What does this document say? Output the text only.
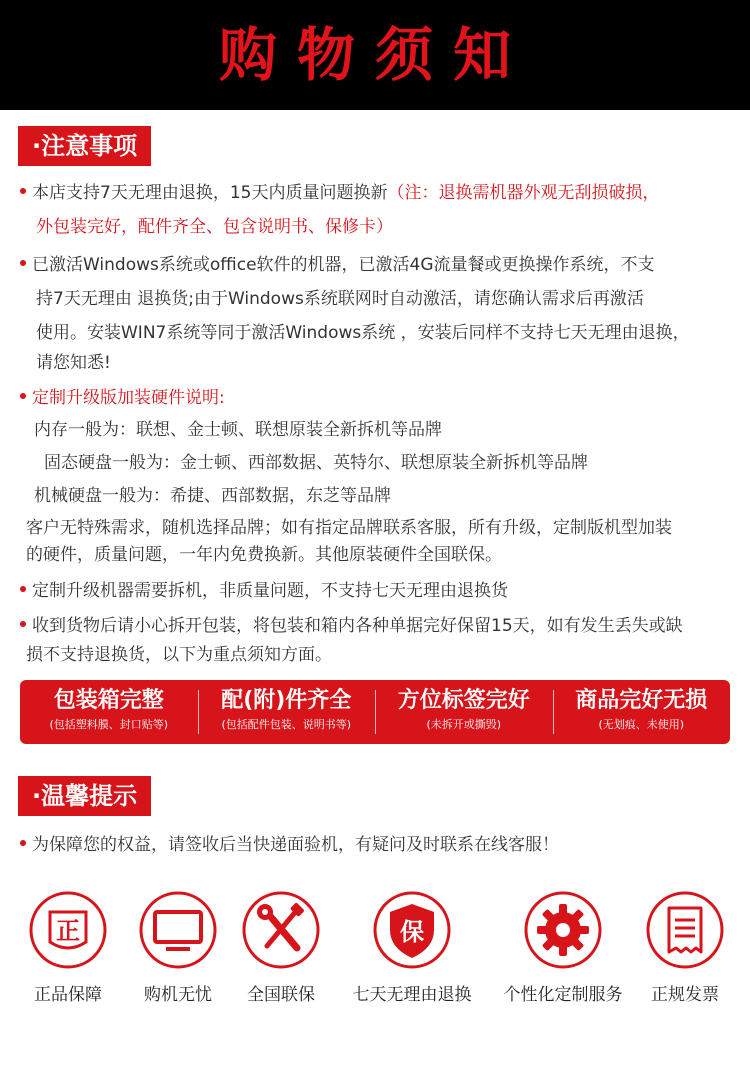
购物须知
·注意事项

本店支持7天无理由退换，15天内质量问题换新（注：退换需机器外观无刮损破损，

外包装完好，配件齐全、包含说明书、保修卡）

已激活Windows系统或office软件的机器，已激活4G流量餐或更换操作系统，不支

持7天无理由 退换货;由于Windows系统联网时自动激活，请您确认需求后再激活

使用。安装WIN7系统等同于激活Windows系统 ，安装后同样不支持七天无理由退换，

请您知悉!

定制升级版加装硬件说明:

内存一般为：联想、金士顿、联想原装全新拆机等品牌

固态硬盘一般为：金士顿、西部数据、英特尔、联想原装全新拆机等品牌

机械硬盘一般为：希捷、西部数据，东芝等品牌

客户无特殊需求，随机选择品牌；如有指定品牌联系客服，所有升级，定制版机型加装

的硬件，质量问题，一年内免费换新。其他原装硬件全国联保。

定制升级机器需要拆机，非质量问题，不支持七天无理由退换货

收到货物后请小心拆开包装，将包装和箱内各种单据完好保留15天，如有发生丢失或缺

损不支持退换货，以下为重点须知方面。

包装箱完整
(包括塑料膜、封口贴等)
配(附)件齐全
(包括配件包装、说明书等)
方位标签完好
(未拆开或撕毁)
商品完好无损
(无划痕、未使用)
·温馨提示

为保障您的权益，请签收后当快递面验机，有疑问及时联系在线客服！

正
正品保障	购机无忧	全国联保
保
七天无理由退换 个性化定制服务	正规发票
